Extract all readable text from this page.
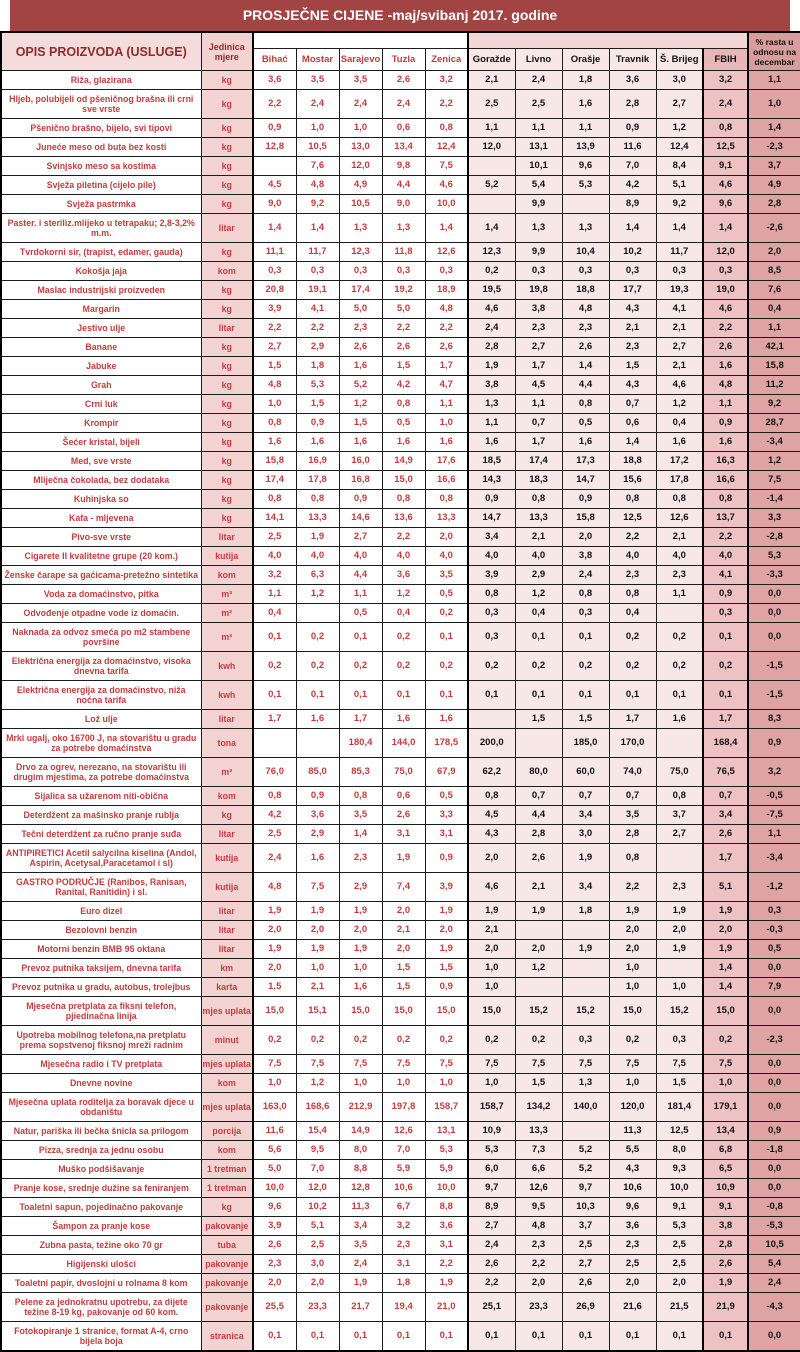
PROSJEČNE CIJENE -maj/svibanj 2017. godine
OPIS PROIZVODA (USLUGE)	Jedinica mjere												% rasta u odnosu na decembar
		Bihać	Mostar	Sarajevo	Tuzla	Zenica	Goražde	Livno	Orašje	Travnik	Š. Brijeg	FBIH	
Riža, glazirana	kg	3,6	3,5	3,5	2,6	3,2	2,1	2,4	1,8	3,6	3,0	3,2	1,1
Hljeb, polubijeli od pšeničnog brašna ili crni sve vrste	kg	2,2	2,4	2,4	2,4	2,2	2,5	2,5	1,6	2,8	2,7	2,4	1,0
Pšenično brašno, bijelo, svi tipovi	kg	0,9	1,0	1,0	0,6	0,8	1,1	1,1	1,1	0,9	1,2	0,8	1,4
Juneće meso od buta bez kosti	kg	12,8	10,5	13,0	13,4	12,4	12,0	13,1	13,9	11,6	12,4	12,5	-2,3
Svinjsko meso sa kostima	kg		7,6	12,0	9,8	7,5		10,1	9,6	7,0	8,4	9,1	3,7
Svježa piletina (cijelo pile)	kg	4,5	4,8	4,9	4,4	4,6	5,2	5,4	5,3	4,2	5,1	4,6	4,9
Svježa pastrmka	kg	9,0	9,2	10,5	9,0	10,0		9,9		8,9	9,2	9,6	2,8
Paster. i steriliz.mlijeko u tetrapaku; 2,8-3,2% m.m.	litar	1,4	1,4	1,3	1,3	1,4	1,4	1,3	1,3	1,4	1,4	1,4	-2,6
Tvrdokorni sir, (trapist, edamer, gauda)	kg	11,1	11,7	12,3	11,8	12,6	12,3	9,9	10,4	10,2	11,7	12,0	2,0
Kokošja jaja	kom	0,3	0,3	0,3	0,3	0,3	0,2	0,3	0,3	0,3	0,3	0,3	8,5
Maslac industrijski proizveden	kg	20,8	19,1	17,4	19,2	18,9	19,5	19,8	18,8	17,7	19,3	19,0	7,6
Margarin	kg	3,9	4,1	5,0	5,0	4,8	4,6	3,8	4,8	4,3	4,1	4,6	0,4
Jestivo ulje	litar	2,2	2,2	2,3	2,2	2,2	2,4	2,3	2,3	2,1	2,1	2,2	1,1
Banane	kg	2,7	2,9	2,6	2,6	2,6	2,8	2,7	2,6	2,3	2,7	2,6	42,1
Jabuke	kg	1,5	1,8	1,6	1,5	1,7	1,9	1,7	1,4	1,5	2,1	1,6	15,8
Grah	kg	4,8	5,3	5,2	4,2	4,7	3,8	4,5	4,4	4,3	4,6	4,8	11,2
Crni luk	kg	1,0	1,5	1,2	0,8	1,1	1,3	1,1	0,8	0,7	1,2	1,1	9,2
Krompir	kg	0,8	0,9	1,5	0,5	1,0	1,1	0,7	0,5	0,6	0,4	0,9	28,7
Šećer kristal, bijeli	kg	1,6	1,6	1,6	1,6	1,6	1,6	1,7	1,6	1,4	1,6	1,6	-3,4
Med, sve vrste	kg	15,8	16,9	16,0	14,9	17,6	18,5	17,4	17,3	18,8	17,2	16,3	1,2
Mliječna čokolada, bez dodataka	kg	17,4	17,8	16,8	15,0	16,6	14,3	18,3	14,7	15,6	17,8	16,6	7,5
Kuhinjska so	kg	0,8	0,8	0,9	0,8	0,8	0,9	0,8	0,9	0,8	0,8	0,8	-1,4
Kafa - mljevena	kg	14,1	13,3	14,6	13,6	13,3	14,7	13,3	15,8	12,5	12,6	13,7	3,3
Pivo-sve vrste	litar	2,5	1,9	2,7	2,2	2,0	3,4	2,1	2,0	2,2	2,1	2,2	-2,8
Cigarete II kvalitetne grupe (20 kom.)	kutija	4,0	4,0	4,0	4,0	4,0	4,0	4,0	3,8	4,0	4,0	4,0	5,3
Ženske čarape sa gaćicama-pretežno sintetika	kom	3,2	6,3	4,4	3,6	3,5	3,9	2,9	2,4	2,3	2,3	4,1	-3,3
Voda za domaćinstvo, pitka	m³	1,1	1,2	1,1	1,2	0,5	0,8	1,2	0,8	0,8	1,1	0,9	0,0
Odvođenje otpadne vode iz domaćin.	m²	0,4		0,5	0,4	0,2	0,3	0,4	0,3	0,4		0,3	0,0
Naknada za odvoz smeća po m2 stambene površine	m³	0,1	0,2	0,1	0,2	0,1	0,3	0,1	0,1	0,2	0,2	0,1	0,0
Električna energija za domaćinstvo, visoka dnevna tarifa	kwh	0,2	0,2	0,2	0,2	0,2	0,2	0,2	0,2	0,2	0,2	0,2	-1,5
Električna energija za domaćinstvo, niža noćna tarifa	kwh	0,1	0,1	0,1	0,1	0,1	0,1	0,1	0,1	0,1	0,1	0,1	-1,5
Lož ulje	litar	1,7	1,6	1,7	1,6	1,6		1,5	1,5	1,7	1,6	1,7	8,3
Mrki ugalj, oko 16700 J, na stovarištu u gradu za potrebe domaćinstva	tona			180,4	144,0	178,5	200,0		185,0	170,0		168,4	0,9
Drvo za ogrev, nerezano, na stovarištu ili drugim mjestima, za potrebe domaćinstva	m³	76,0	85,0	85,3	75,0	67,9	62,2	80,0	60,0	74,0	75,0	76,5	3,2
Sijalica sa užarenom niti-obična	kom	0,8	0,9	0,8	0,6	0,5	0,8	0,7	0,7	0,7	0,8	0,7	-0,5
Deterdžent za mašinsko pranje rublja	kg	4,2	3,6	3,5	2,6	3,3	4,5	4,4	3,4	3,5	3,7	3,4	-7,5
Tečni deterdžent za ručno pranje suđa	litar	2,5	2,9	1,4	3,1	3,1	4,3	2,8	3,0	2,8	2,7	2,6	1,1
ANTIPIRETICI Acetil salycilna kiselina (Andol, Aspirin, Acetysal,Paracetamol i sl)	kutija	2,4	1,6	2,3	1,9	0,9	2,0	2,6	1,9	0,8		1,7	-3,4
GASTRO PODRUČJE (Ranibos, Ranisan, Ranital, Ranitidin) i sl.	kutija	4,8	7,5	2,9	7,4	3,9	4,6	2,1	3,4	2,2	2,3	5,1	-1,2
Euro dizel	litar	1,9	1,9	1,9	2,0	1,9	1,9	1,9	1,8	1,9	1,9	1,9	0,3
Bezolovni benzin	litar	2,0	2,0	2,0	2,1	2,0	2,1			2,0	2,0	2,0	-0,3
Motorni benzin BMB 95 oktana	litar	1,9	1,9	1,9	2,0	1,9	2,0	2,0	1,9	2,0	1,9	1,9	0,5
Prevoz putnika taksijem, dnevna tarifa	km	2,0	1,0	1,0	1,5	1,5	1,0	1,2		1,0		1,4	0,0
Prevoz putnika u gradu, autobus, trolejbus	karta	1,5	2,1	1,6	1,5	0,9	1,0			1,0	1,0	1,4	7,9
Mjesečna pretplata za fiksni telefon, pjiedinačna linija	mjes uplata	15,0	15,1	15,0	15,0	15,0	15,0	15,2	15,2	15,0	15,2	15,0	0,0
Upotreba mobilnog telefona,na pretplatu prema sopstvenoj fiksnoj mreži radnim	minut	0,2	0,2	0,2	0,2	0,2	0,2	0,2	0,3	0,2	0,3	0,2	-2,3
Mjesečna radio i TV pretplata	mjes uplata	7,5	7,5	7,5	7,5	7,5	7,5	7,5	7,5	7,5	7,5	7,5	0,0
Dnevne novine	kom	1,0	1,2	1,0	1,0	1,0	1,0	1,5	1,3	1,0	1,5	1,0	0,0
Mjesečna uplata roditelja za boravak djece u obdaništu	mjes uplata	163,0	168,6	212,9	197,8	158,7	158,7	134,2	140,0	120,0	181,4	179,1	0,0
Natur, pariška ili bečka šnicla sa prilogom	porcija	11,6	15,4	14,9	12,6	13,1	10,9	13,3		11,3	12,5	13,4	0,9
Pizza, srednja za jednu osobu	kom	5,6	9,5	8,0	7,0	5,3	5,3	7,3	5,2	5,5	8,0	6,8	-1,8
Muško podšišavanje	1 tretman	5,0	7,0	8,8	5,9	5,9	6,0	6,6	5,2	4,3	9,3	6,5	0,0
Pranje kose, srednje dužine sa feniranjem	1 tretman	10,0	12,0	12,8	10,6	10,0	9,7	12,6	9,7	10,6	10,0	10,9	0,0
Toaletni sapun, pojedinačno pakovanje	kg	9,6	10,2	11,3	6,7	8,8	8,9	9,5	10,3	9,6	9,1	9,1	-0,8
Šampon za pranje kose	pakovanje	3,9	5,1	3,4	3,2	3,6	2,7	4,8	3,7	3,6	5,3	3,8	-5,3
Zubna pasta, težine oko 70 gr	tuba	2,6	2,5	3,5	2,3	3,1	2,4	2,3	2,5	2,3	2,5	2,8	10,5
Higijenski ulošci	pakovanje	2,3	3,0	2,4	3,1	2,2	2,6	2,2	2,7	2,5	2,5	2,6	5,4
Toaletni papir, dvoslojni u rolnama 8 kom	pakovanje	2,0	2,0	1,9	1,8	1,9	2,2	2,0	2,6	2,0	2,0	1,9	2,4
Pelene za jednokratnu upotrebu, za dijete težine 8-19 kg, pakovanje od 60 kom.	pakovanje	25,5	23,3	21,7	19,4	21,0	25,1	23,3	26,9	21,6	21,5	21,9	-4,3
Fotokopiranje 1 stranice, format A-4, crno bijela boja	stranica	0,1	0,1	0,1	0,1	0,1	0,1	0,1	0,1	0,1	0,1	0,1	0,0
